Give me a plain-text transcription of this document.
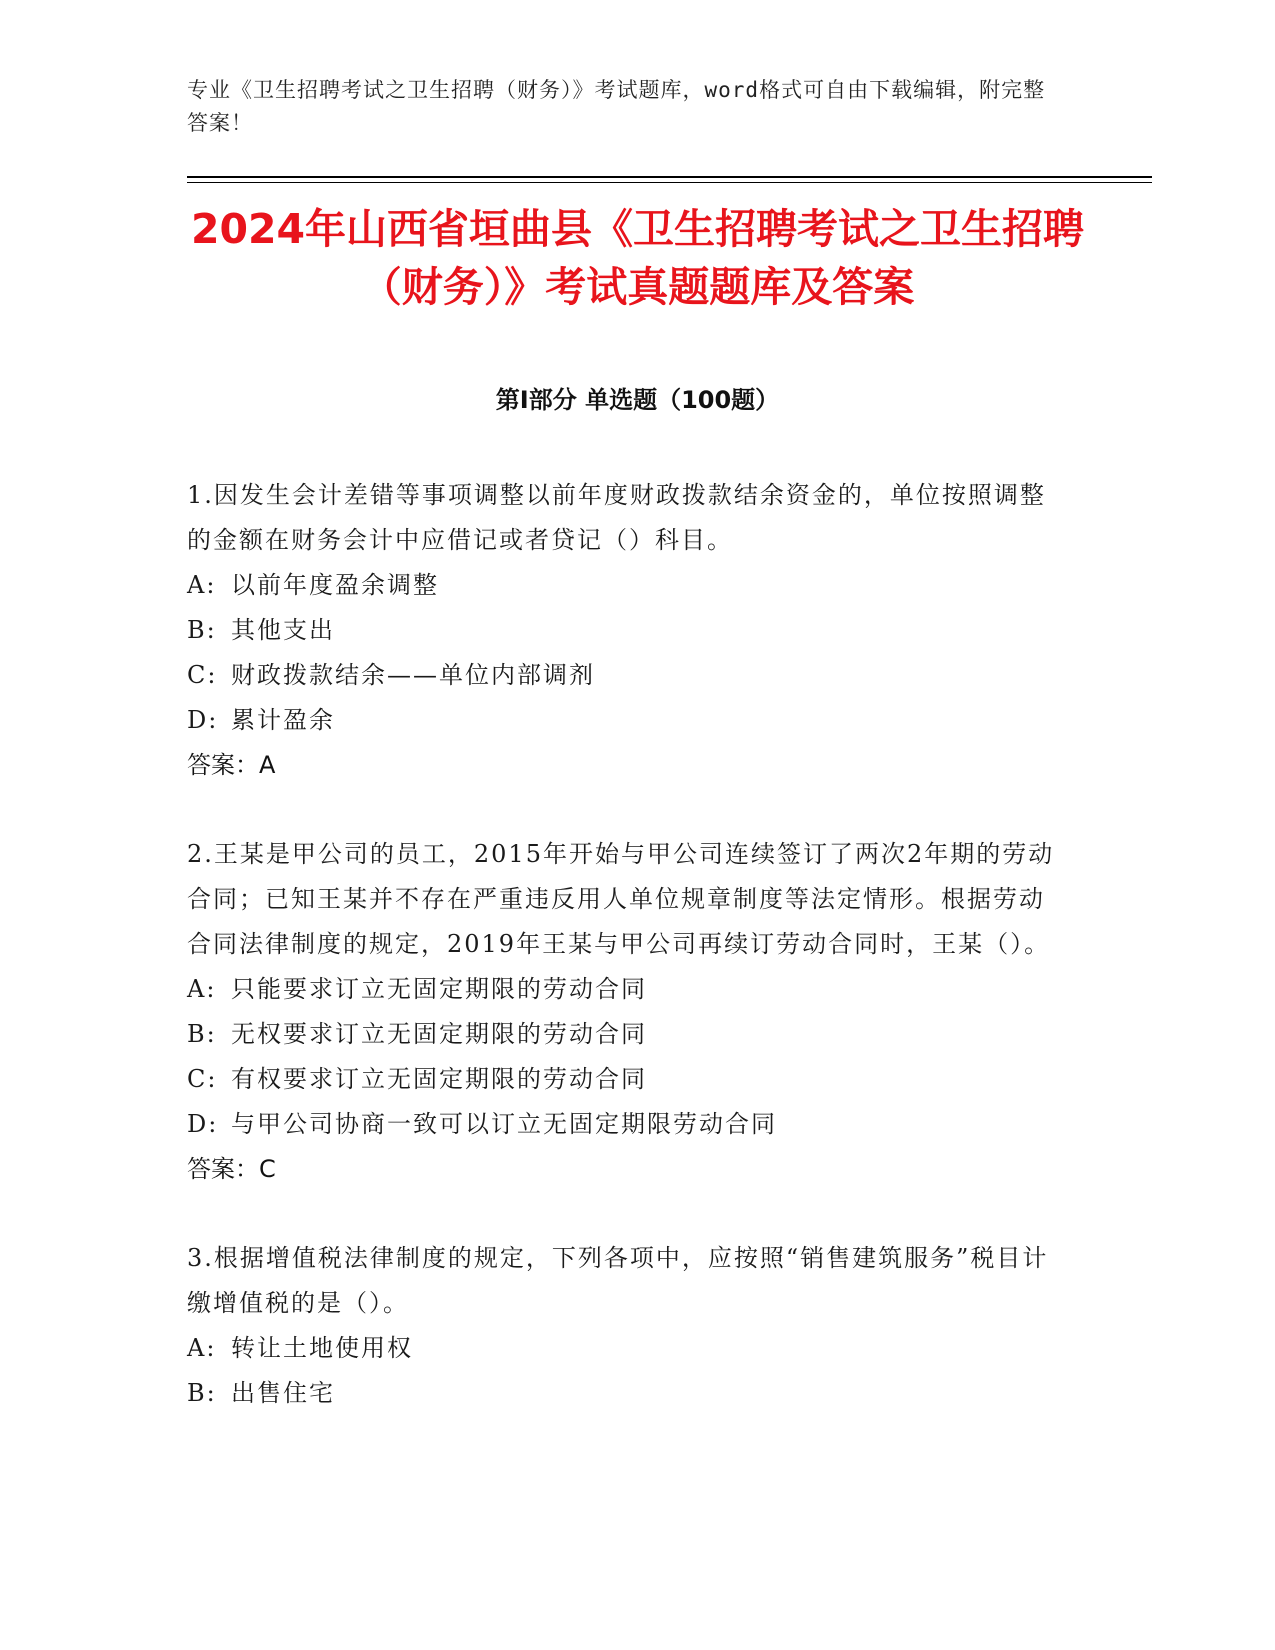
专业《卫生招聘考试之卫生招聘（财务）》考试题库，word格式可自由下载编辑，附完整答案！
2024年山西省垣曲县《卫生招聘考试之卫生招聘（财务）》考试真题题库及答案
第Ⅰ部分 单选题（100题）

1.因发生会计差错等事项调整以前年度财政拨款结余资金的，单位按照调整的金额在财务会计中应借记或者贷记（）科目。

A: 以前年度盈余调整

B: 其他支出

C: 财政拨款结余——单位内部调剂

D: 累计盈余

答案：A

2.王某是甲公司的员工，2015年开始与甲公司连续签订了两次2年期的劳动合同；已知王某并不存在严重违反用人单位规章制度等法定情形。根据劳动合同法律制度的规定，2019年王某与甲公司再续订劳动合同时，王某（）。

A: 只能要求订立无固定期限的劳动合同

B: 无权要求订立无固定期限的劳动合同

C: 有权要求订立无固定期限的劳动合同

D: 与甲公司协商一致可以订立无固定期限劳动合同

答案：C

3.根据增值税法律制度的规定，下列各项中，应按照“销售建筑服务”税目计缴增值税的是（）。

A: 转让土地使用权

B: 出售住宅
